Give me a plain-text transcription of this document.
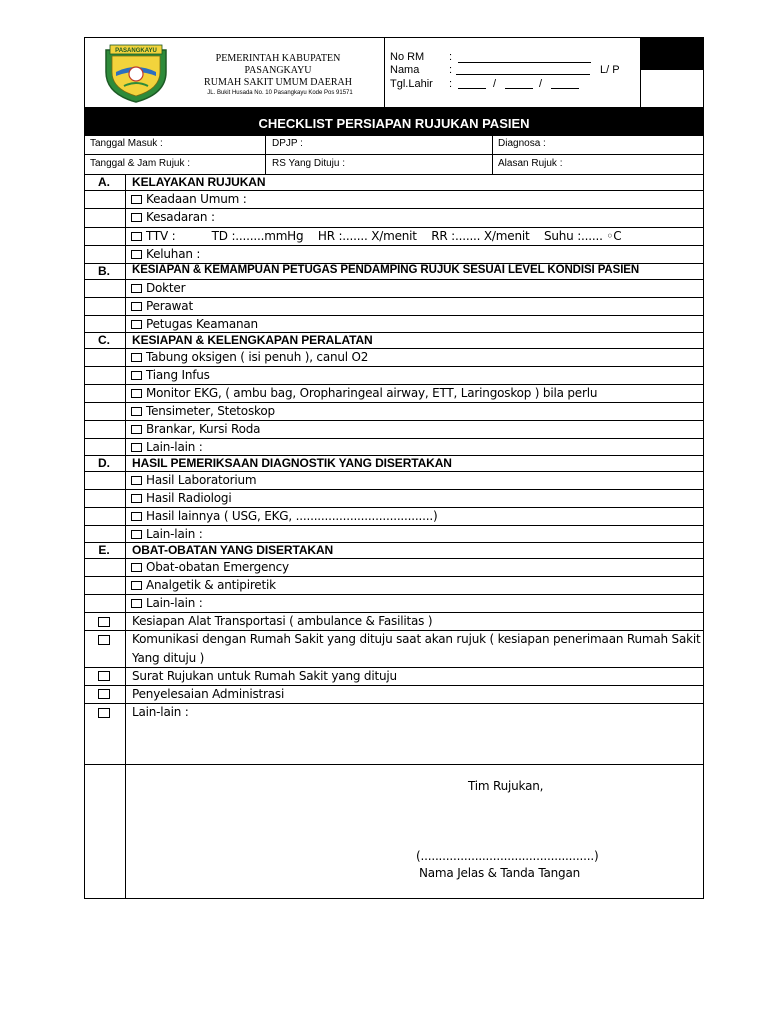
PASANGKAYU
PEMERINTAH KABUPATEN
PASANGKAYU
RUMAH SAKIT UMUM DAERAH
JL. Bukit Husada No. 10 Pasangkayu Kode Pos 91571
No RM :
Nama	:	L/ P
Tgl.Lahir :	/	/
CHECKLIST PERSIAPAN RUJUKAN PASIEN
Tanggal Masuk :	DPJP :	Diagnosa :
Tanggal & Jam Rujuk :	RS Yang Dituju :	Alasan Rujuk :
A.	KELAYAKAN RUJUKAN
Keadaan Umum :
Kesadaran :
TTV :          TD :........mmHg    HR :....... X/menit    RR :....... X/menit    Suhu :...... ◦C
Keluhan :
B.	KESIAPAN & KEMAMPUAN PETUGAS PENDAMPING RUJUK SESUAI LEVEL KONDISI PASIEN
Dokter
Perawat
Petugas Keamanan
C.	KESIAPAN & KELENGKAPAN PERALATAN
Tabung oksigen ( isi penuh ), canul O2
Tiang Infus
Monitor EKG, ( ambu bag, Oropharingeal airway, ETT, Laringoskop ) bila perlu
Tensimeter, Stetoskop
Brankar, Kursi Roda
Lain-lain :
D.	HASIL PEMERIKSAAN DIAGNOSTIK YANG DISERTAKAN
Hasil Laboratorium
Hasil Radiologi
Hasil lainnya ( USG, EKG, ......................................)
Lain-lain :
E.	OBAT-OBATAN YANG DISERTAKAN
Obat-obatan Emergency
Analgetik & antipiretik
Lain-lain :
Kesiapan Alat Transportasi ( ambulance & Fasilitas )
Komunikasi dengan Rumah Sakit yang dituju saat akan rujuk ( kesiapan penerimaan Rumah Sakit
Yang dituju )
Surat Rujukan untuk Rumah Sakit yang dituju
Penyelesaian Administrasi
Lain-lain :
Tim Rujukan,
(................................................)
Nama Jelas & Tanda Tangan
